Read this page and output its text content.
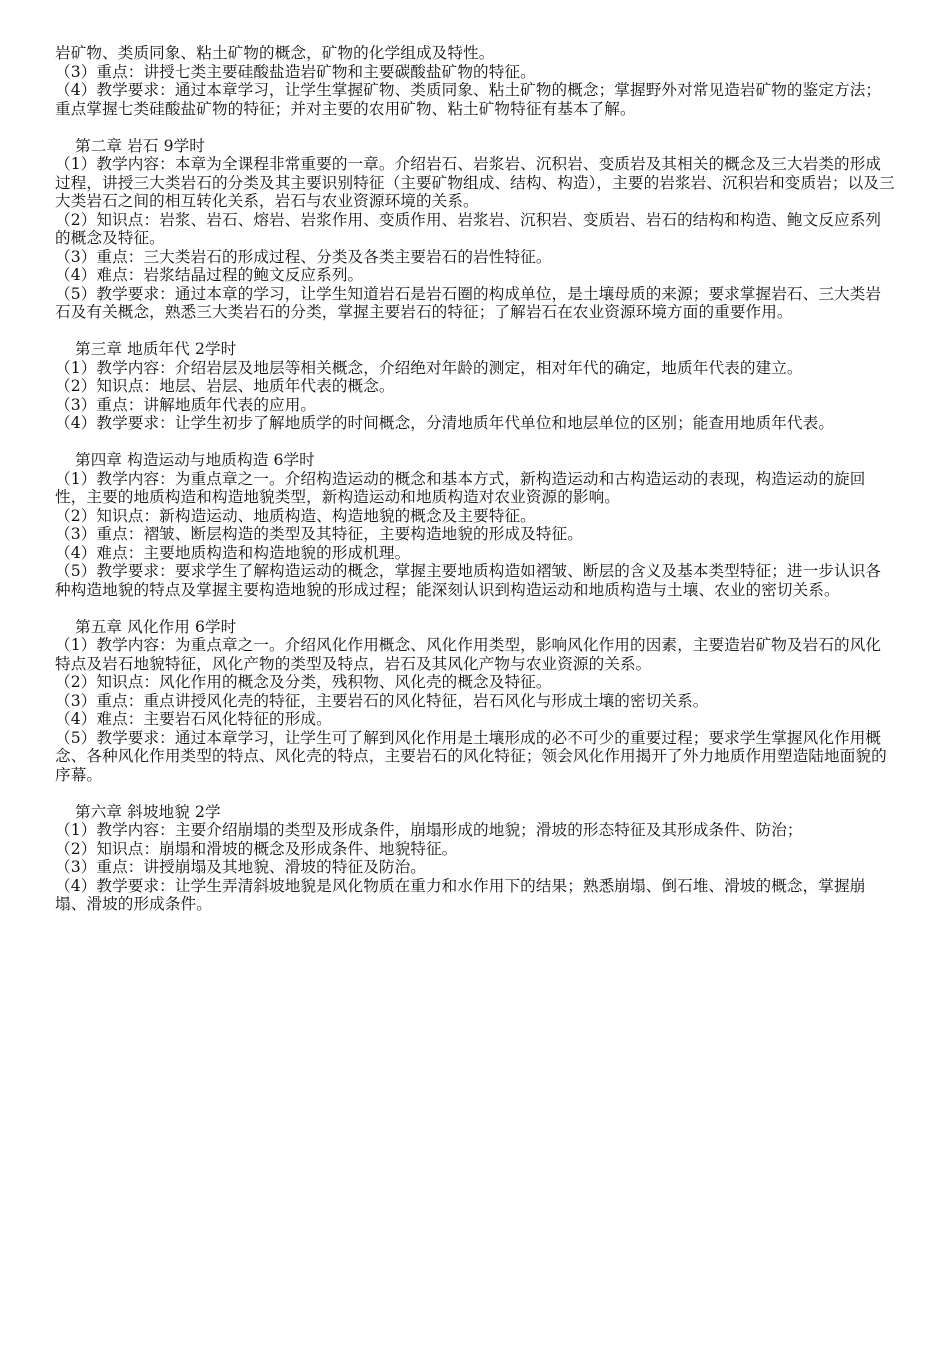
岩矿物、类质同象、粘土矿物的概念，矿物的化学组成及特性。

（3）重点：讲授七类主要硅酸盐造岩矿物和主要碳酸盐矿物的特征。

（4）教学要求：通过本章学习，让学生掌握矿物、类质同象、粘土矿物的概念；掌握野外对常见造岩矿物的鉴定方法；重点掌握七类硅酸盐矿物的特征；并对主要的农用矿物、粘土矿物特征有基本了解。

第二章 岩石 9学时

（1）教学内容：本章为全课程非常重要的一章。介绍岩石、岩浆岩、沉积岩、变质岩及其相关的概念及三大岩类的形成过程，讲授三大类岩石的分类及其主要识别特征（主要矿物组成、结构、构造），主要的岩浆岩、沉积岩和变质岩；以及三大类岩石之间的相互转化关系，岩石与农业资源环境的关系。

（2）知识点：岩浆、岩石、熔岩、岩浆作用、变质作用、岩浆岩、沉积岩、变质岩、岩石的结构和构造、鲍文反应系列的概念及特征。

（3）重点：三大类岩石的形成过程、分类及各类主要岩石的岩性特征。

（4）难点：岩浆结晶过程的鲍文反应系列。

（5）教学要求：通过本章的学习，让学生知道岩石是岩石圈的构成单位，是土壤母质的来源；要求掌握岩石、三大类岩石及有关概念，熟悉三大类岩石的分类，掌握主要岩石的特征；了解岩石在农业资源环境方面的重要作用。

第三章 地质年代 2学时

（1）教学内容：介绍岩层及地层等相关概念，介绍绝对年龄的测定，相对年代的确定，地质年代表的建立。

（2）知识点：地层、岩层、地质年代表的概念。

（3）重点：讲解地质年代表的应用。

（4）教学要求：让学生初步了解地质学的时间概念，分清地质年代单位和地层单位的区别；能查用地质年代表。

第四章 构造运动与地质构造 6学时

（1）教学内容：为重点章之一。介绍构造运动的概念和基本方式，新构造运动和古构造运动的表现，构造运动的旋回性，主要的地质构造和构造地貌类型，新构造运动和地质构造对农业资源的影响。

（2）知识点：新构造运动、地质构造、构造地貌的概念及主要特征。

（3）重点：褶皱、断层构造的类型及其特征，主要构造地貌的形成及特征。

（4）难点：主要地质构造和构造地貌的形成机理。

（5）教学要求：要求学生了解构造运动的概念，掌握主要地质构造如褶皱、断层的含义及基本类型特征；进一步认识各种构造地貌的特点及掌握主要构造地貌的形成过程；能深刻认识到构造运动和地质构造与土壤、农业的密切关系。

第五章 风化作用 6学时

（1）教学内容：为重点章之一。介绍风化作用概念、风化作用类型，影响风化作用的因素，主要造岩矿物及岩石的风化特点及岩石地貌特征，风化产物的类型及特点，岩石及其风化产物与农业资源的关系。

（2）知识点：风化作用的概念及分类，残积物、风化壳的概念及特征。

（3）重点：重点讲授风化壳的特征，主要岩石的风化特征，岩石风化与形成土壤的密切关系。

（4）难点：主要岩石风化特征的形成。

（5）教学要求：通过本章学习，让学生可了解到风化作用是土壤形成的必不可少的重要过程；要求学生掌握风化作用概念、各种风化作用类型的特点、风化壳的特点，主要岩石的风化特征；领会风化作用揭开了外力地质作用塑造陆地面貌的序幕。

第六章 斜坡地貌 2学

（1）教学内容：主要介绍崩塌的类型及形成条件，崩塌形成的地貌；滑坡的形态特征及其形成条件、防治；

（2）知识点：崩塌和滑坡的概念及形成条件、地貌特征。

（3）重点：讲授崩塌及其地貌、滑坡的特征及防治。

（4）教学要求：让学生弄清斜坡地貌是风化物质在重力和水作用下的结果；熟悉崩塌、倒石堆、滑坡的概念，掌握崩塌、滑坡的形成条件。
